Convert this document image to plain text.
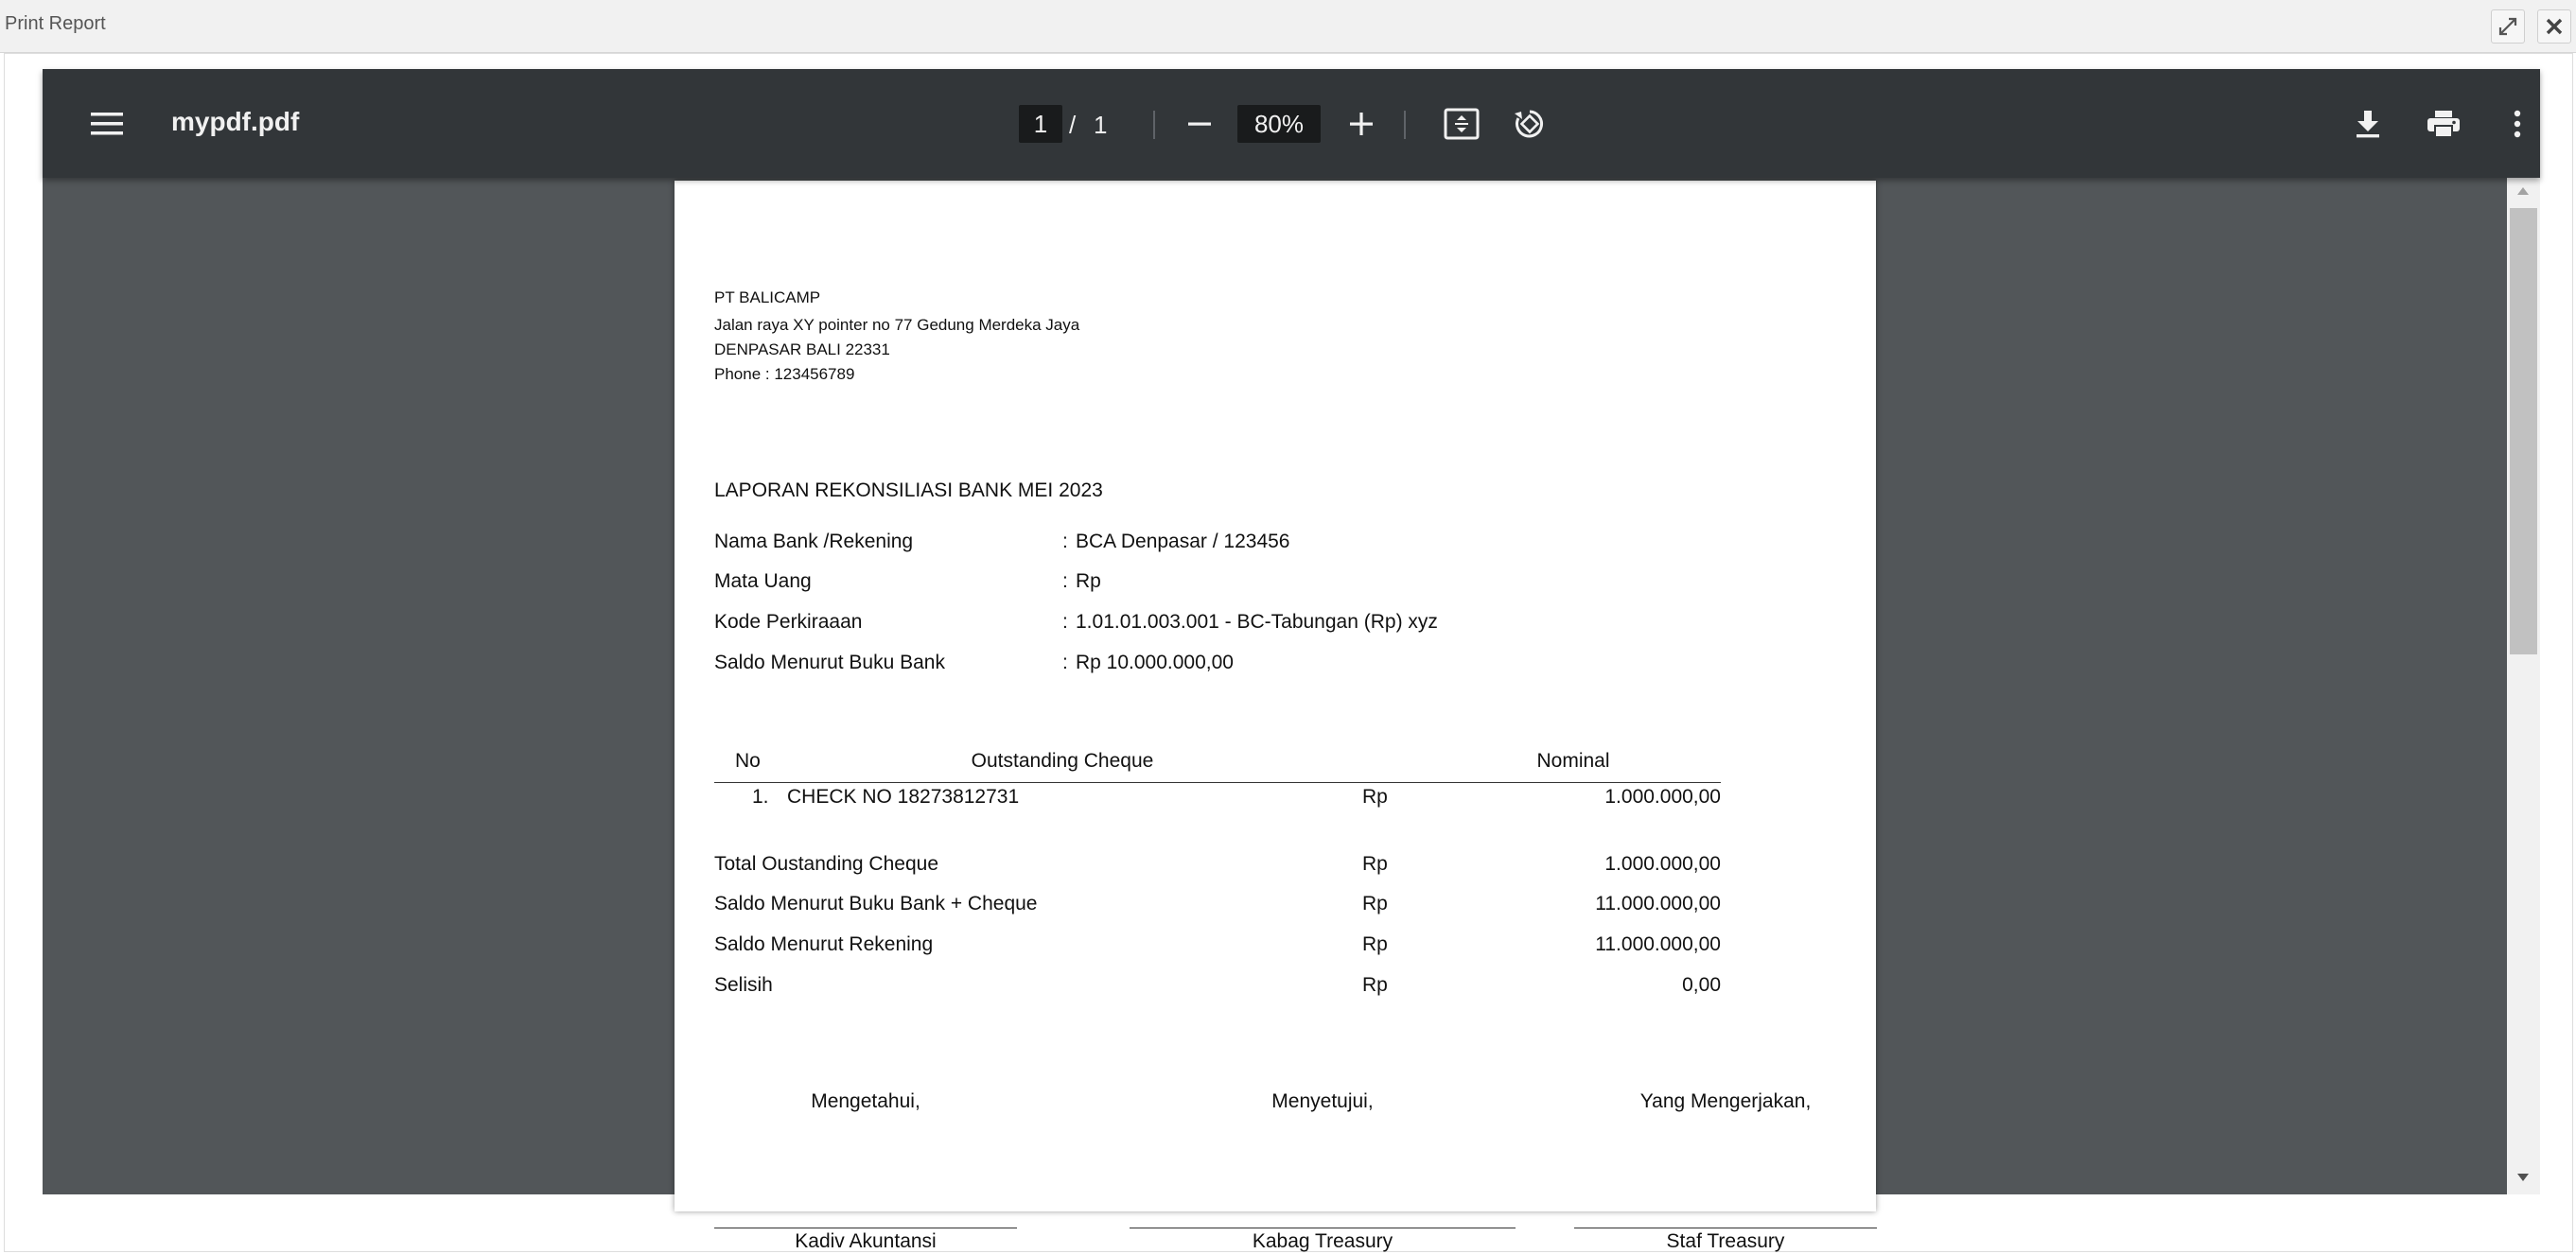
Print Report
mypdf.pdf	1 / 1	80%
PT BALICAMP
Jalan raya XY pointer no 77 Gedung Merdeka Jaya
DENPASAR BALI 22331
Phone : 123456789
LAPORAN REKONSILIASI BANK MEI 2023
Nama Bank /Rekening	: BCA Denpasar / 123456
Mata Uang	: Rp
Kode Perkiraaan	: 1.01.01.003.001 - BC-Tabungan (Rp) xyz
Saldo Menurut Buku Bank	: Rp 10.000.000,00
No	Outstanding Cheque	Nominal
1. CHECK NO 18273812731	Rp	1.000.000,00
Total Oustanding Cheque	Rp	1.000.000,00
Saldo Menurut Buku Bank + Cheque	Rp	11.000.000,00
Saldo Menurut Rekening	Rp	11.000.000,00
Selisih	Rp	0,00
Mengetahui,	Menyetujui,	Yang Mengerjakan,
Kadiv Akuntansi	Kabag Treasury	Staf Treasury
